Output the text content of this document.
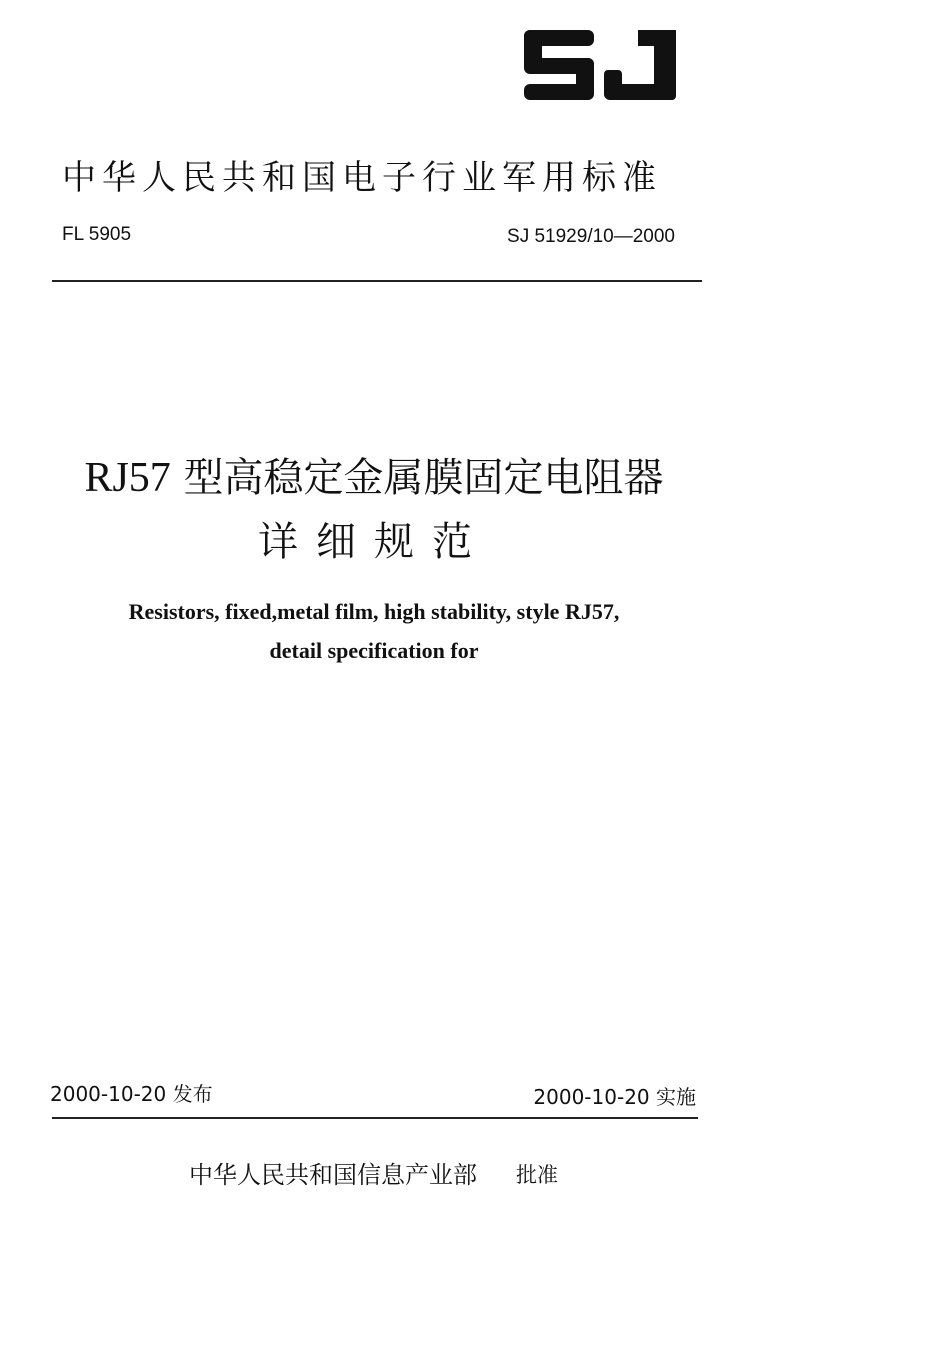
中华人民共和国电子行业军用标准
FL 5905	SJ 51929/10—2000
RJ57 型高稳定金属膜固定电阻器
详细规范
Resistors, fixed,metal film, high stability, style RJ57,
detail specification for
2000-10-20 发布	2000-10-20 实施
中华人民共和国信息产业部 批准
